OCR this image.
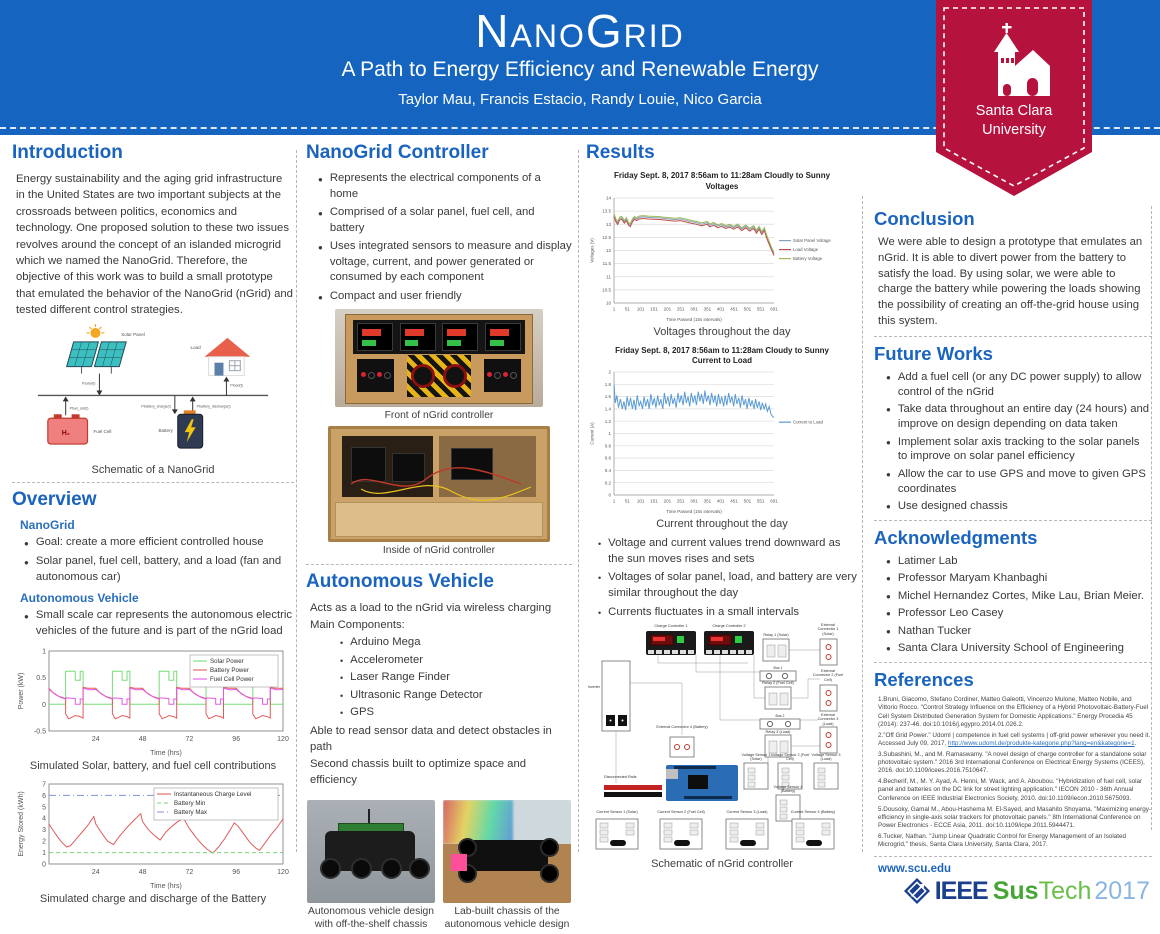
NanoGrid
A Path to Energy Efficiency and Renewable Energy
Taylor Mau, Francis Estacio, Randy Louie, Nico Garcia
Santa Clara
University
Introduction

Energy sustainability and the aging grid infrastructure in the United States are two important subjects at the crossroads between politics, economics and technology. One proposed solution to these two issues revolves around the concept of an islanded microgrid which we named the NanoGrid. Therefore, the objective of this work was to build a small prototype that emulated the behavior of the NanoGrid (nGrid) and tested different control strategies.

Solar Panel
Load
Psolar(t)	Pload(t)
Pfuel_cell(t)	Pbattery_charge(t)	Pbattery_discharge(t)
H₂	Fuel Cell	Battery
Schematic of a NanoGrid
Overview
NanoGrid
● Goal: create a more efficient controlled house
● Solar panel, fuel cell, battery, and a load (fan and autonomous car)
Autonomous Vehicle
● Small scale car represents the autonomous electric vehicles of the future and is part of the nGrid load
-0.5
0
0.5
1
24	48	72	96	120
Time (hrs)
Power (kW)
Solar Power
Battery Power
Fuel Cell Power
Simulated Solar, battery, and fuel cell contributions
0
1
2
3
4
5
6
7
24	48	72	96	120
Time (hrs)
Energy Stored (kWh)	Instantaneous Charge Level
Battery Min
Battery Max
Simulated charge and discharge of the Battery
NanoGrid Controller
● Represents the electrical components of a home
● Comprised of a solar panel, fuel cell, and battery
● Uses integrated sensors to measure and display voltage, current, and power generated or consumed by each component
● Compact and user friendly
Front of nGrid controller
Inside of nGrid controller
Autonomous Vehicle
Acts as a load to the nGrid via wireless charging
Main Components:
• Arduino Mega
• Accelerometer
• Laser Range Finder
• Ultrasonic Range Detector
• GPS
Able to read sensor data and detect obstacles in path
Second chassis built to optimize space and efficiency
Autonomous vehicle design with off-the-shelf chassis
Lab-built chassis of the autonomous vehicle design
Results
Friday Sept. 8, 2017 8:56am to 11:28am Cloudly to Sunny
Voltages
10
10.5
11
11.5
12
12.5
13
13.5
14
1 51 101 151 201 251 301 351 401 451 501 551 601
Time Passed (15s intervals)
Voltages (V)	Solar Panel Voltage
Load Voltage
Battery Voltage
Voltages throughout the day
Friday Sept. 8, 2017 8:56am to 11:28am Cloudy to Sunny
Current to Load
0
0.2
0.4
0.6
0.8
1
1.2
1.4
1.6
1.8
2
1 51 101 151 201 251 301 351 401 451 501 551 601
Time Passed (15s intervals)
Current (A)
Current to Load
Current throughout the day
• Voltage and current values trend downward as the sun moves rises and sets
• Voltages of solar panel, load, and battery are very similar throughout the day
• Currents fluctuates in a small intervals
Charge Controller 1	Charge Controller 2
Inverter
Relay 1 (Solar)
External Connector 1 (Solar)
Bus 1
Relay 2 (Fuel Cell)
External Connector 2 (Fuel Cell)
Bus 2	External Connector 3 (Load)
Relay 3 (Load)
External Connector 4 (Battery)
Voltage Sensor 1 (Solar)
Voltage Sensor 2 (Fuel Cell)
Voltage Sensor 3 (Load)
Voltage Sensor 4 (Battery)
Disconnected Rails
Current Sensor 1 (Solar)	Current Sensor 2 (Fuel Cell)	Current Sensor 3 (Load)	Current Sensor 4 (Battery)
Schematic of nGrid controller
Conclusion

We were able to design a prototype that emulates an nGrid. It is able to divert power from the battery to satisfy the load. By using solar, we were able to charge the battery while powering the loads showing the possibility of creating an off-the-grid house using this system.

Future Works
● Add a fuel cell (or any DC power supply) to allow control of the nGrid
● Take data throughout an entire day (24 hours) and improve on design depending on data taken
● Implement solar axis tracking to the solar panels to improve on solar panel efficiency
● Allow the car to use GPS and move to given GPS coordinates
● Use designed chassis
Acknowledgments
● Latimer Lab
● Professor Maryam Khanbaghi
● Michel Hernandez Cortes, Mike Lau, Brian Meier.
● Professor Leo Casey
● Nathan Tucker
● Santa Clara University School of Engineering
References
1.Bruni, Giacomo, Stefano Cordiner, Matteo Galeotti, Vincenzo Mulone, Matteo Nobile, and Vittorio Rocco. "Control Strategy Influence on the Efficiency of a Hybrid Photovoltaic-Battery-Fuel Cell System Distributed Generation System for Domestic Applications." Energy Procedia 45 (2014): 237-46. doi:10.1016/j.egypro.2014.01.026.2.
2."Off Grid Power." Udoml | competence in fuel cell systems | off-grid power wherever you need it. Accessed July 09, 2017. http://www.udoml.de/produkte-kategorie.php?lang=en&kategorie=1.
3.Subashini, M., and M. Ramaswamy. "A novel design of charge controller for a standalone solar photovoltaic system." 2016 3rd International Conference on Electrical Energy Systems (ICEES), 2016. doi:10.1109/icees.2016.7510647.
4.Becherif, M., M. Y. Ayad, A. Henni, M. Wack, and A. Aboubou. "Hybridization of fuel cell, solar panel and batteries on the DC link for street lighting application." IECON 2010 - 36th Annual Conference on IEEE Industrial Electronics Society, 2010. doi:10.1109/iecon.2010.5675093.
5.Dousoky, Gamal M., Abou-Hashema M. El-Sayed, and Masahito Shoyama. "Maximizing energy-efficiency in single-axis solar trackers for photovoltaic panels." 8th International Conference on Power Electronics - ECCE Asia, 2011. doi:10.1109/icpe.2011.5944471.
6.Tucker, Nathan. "Jump Linear Quadratic Control for Energy Management of an Isolated Microgrid," thesis, Santa Clara University, Santa Clara, 2017.
www.scu.edu
IEEE SusTech 2017
